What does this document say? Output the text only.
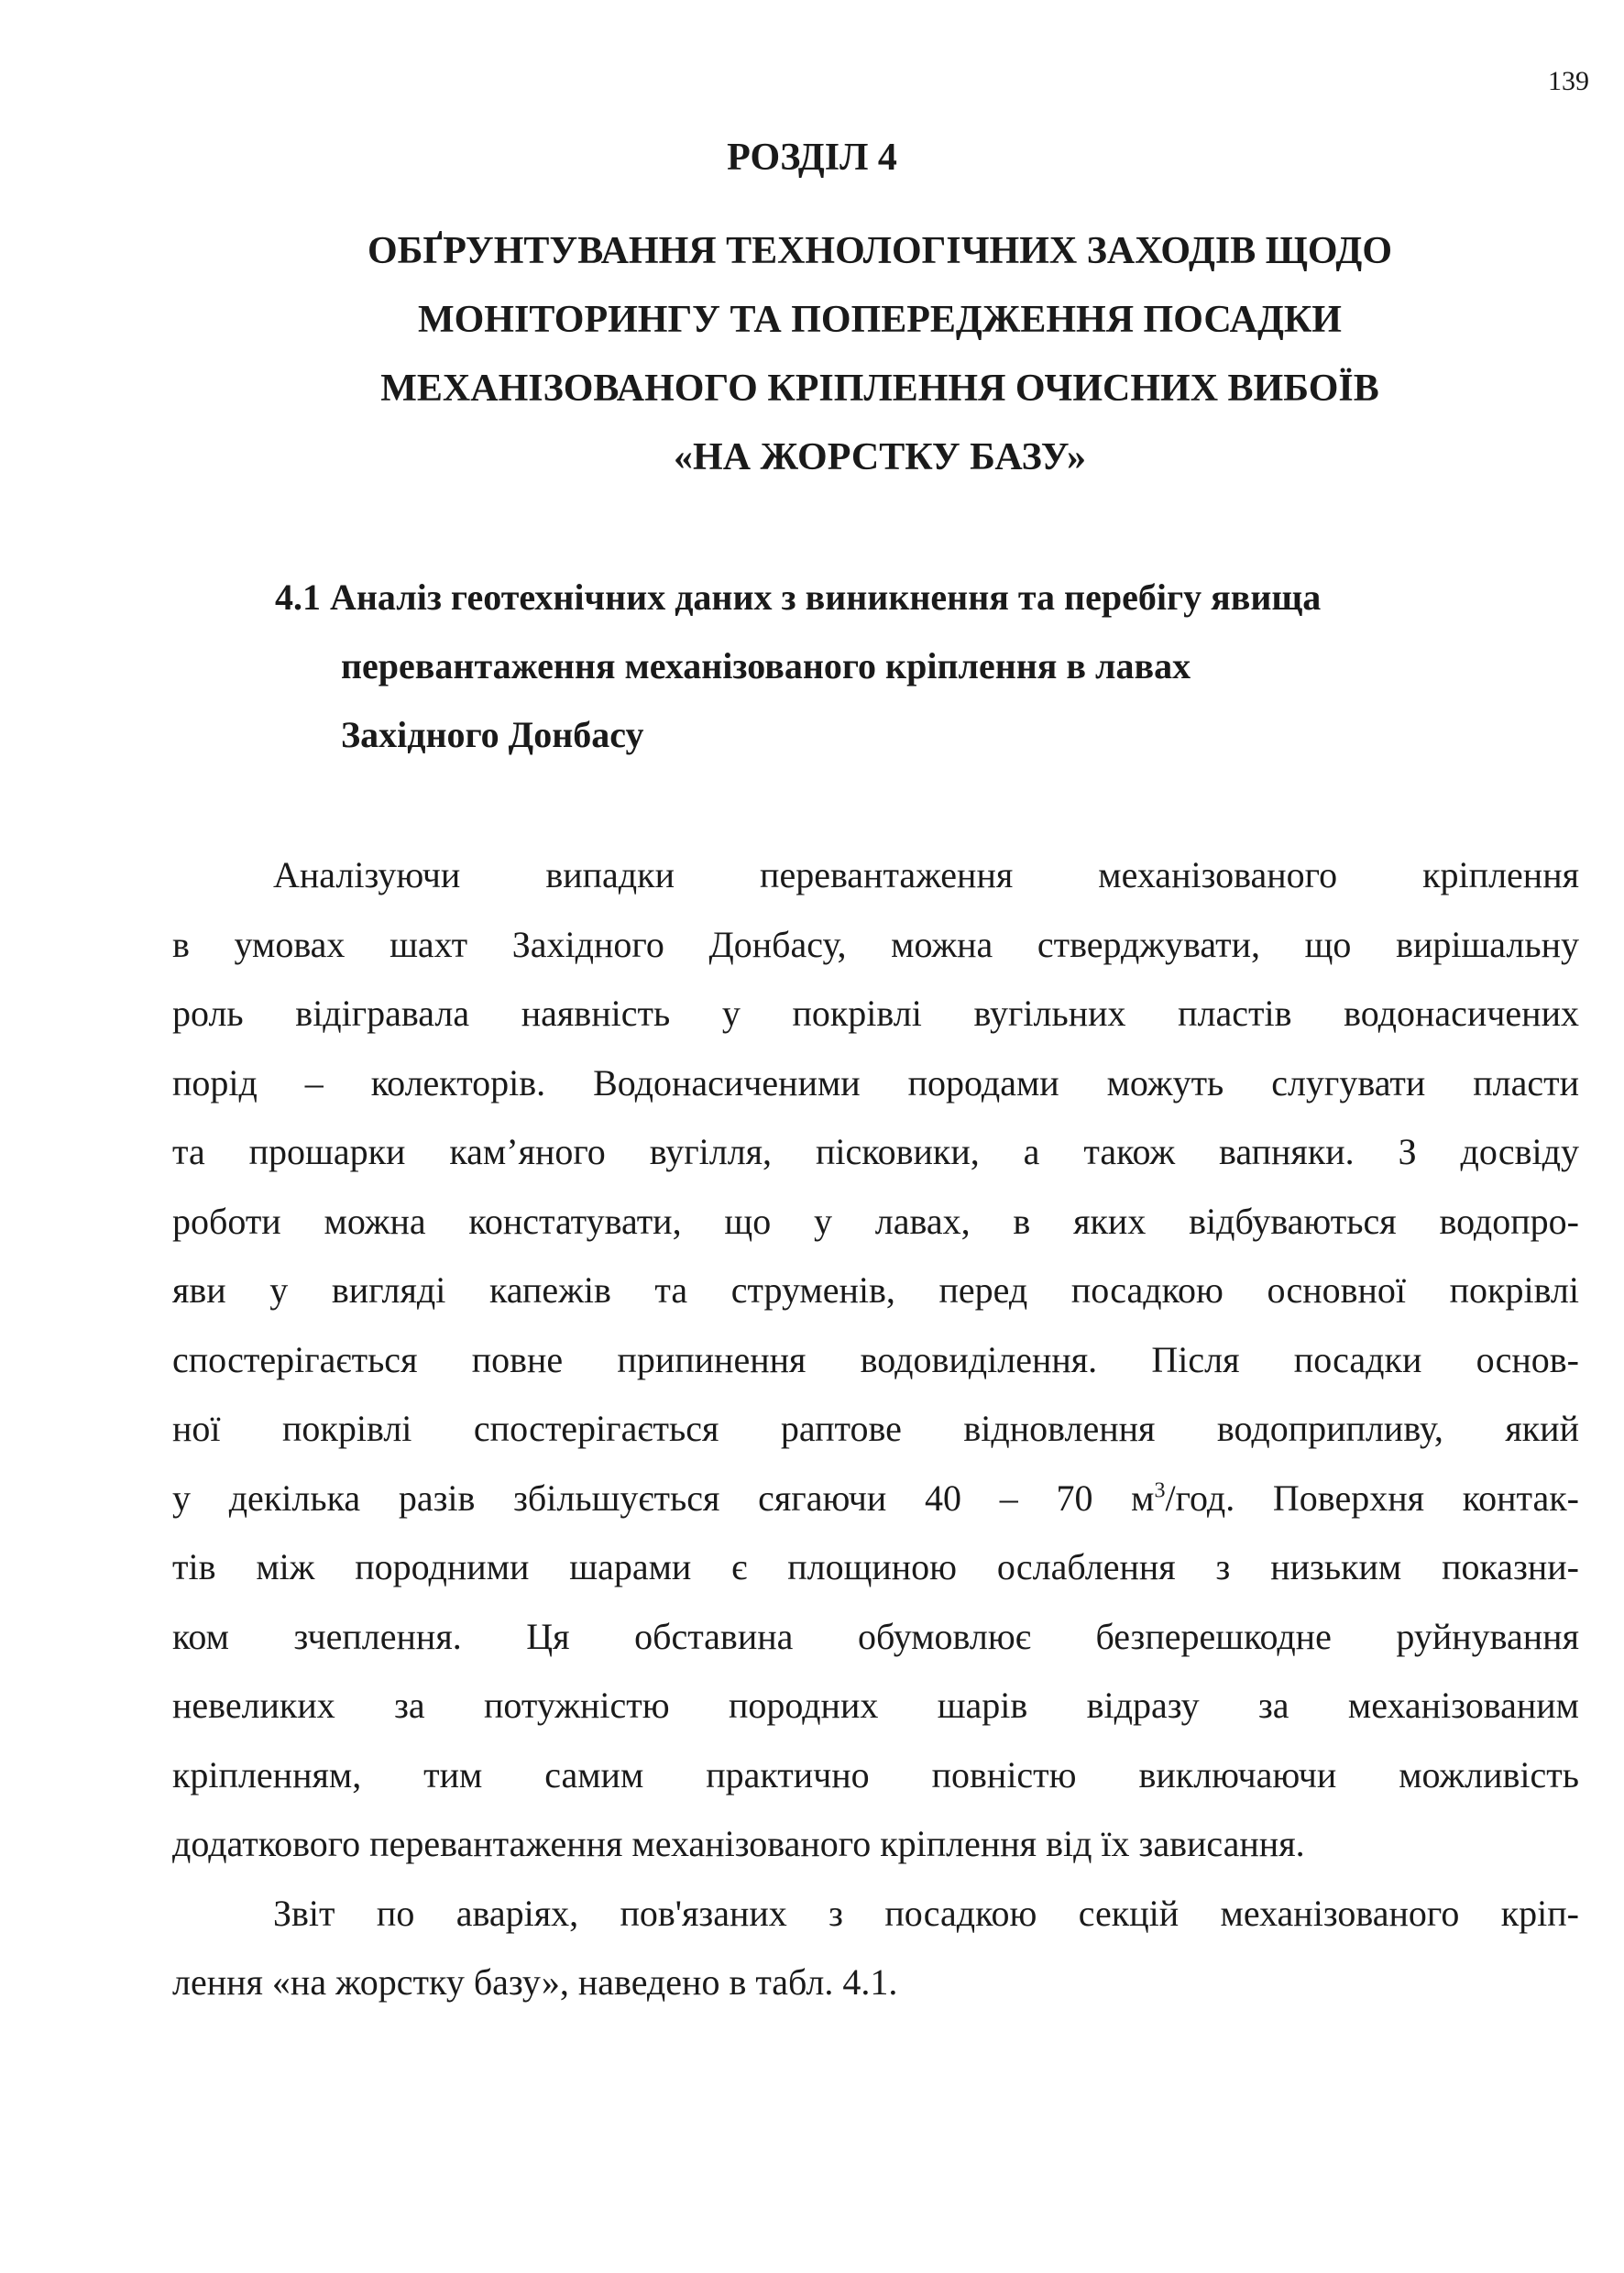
139
РОЗДІЛ 4
ОБҐРУНТУВАННЯ ТЕХНОЛОГІЧНИХ ЗАХОДІВ ЩОДО
МОНІТОРИНГУ ТА ПОПЕРЕДЖЕННЯ ПОСАДКИ
МЕХАНІЗОВАНОГО КРІПЛЕННЯ ОЧИСНИХ ВИБОЇВ
«НА ЖОРСТКУ БАЗУ»
4.1 Аналіз геотехнічних даних з виникнення та перебігу явища
перевантаження механізованого кріплення в лавах
Західного Донбасу
Аналізуючи випадки перевантаження механізованого кріплення
в умовах шахт Західного Донбасу, можна стверджувати, що вирішальну
роль відігравала наявність у покрівлі вугільних пластів водонасичених
порід – колекторів. Водонасиченими породами можуть слугувати пласти
та прошарки кам’яного вугілля, пісковики, а також вапняки. З досвіду
роботи можна констатувати, що у лавах, в яких відбуваються водопро-
яви у вигляді капежів та струменів, перед посадкою основної покрівлі
спостерігається повне припинення водовиділення. Після посадки основ-
ної покрівлі спостерігається раптове відновлення водоприпливу, який
у декілька разів збільшується сягаючи 40 – 70 $м^3$/год. Поверхня контак-
тів між породними шарами є площиною ослаблення з низьким показни-
ком зчеплення. Ця обставина обумовлює безперешкодне руйнування
невеликих за потужністю породних шарів відразу за механізованим
кріпленням, тим самим практично повністю виключаючи можливість
додаткового перевантаження механізованого кріплення від їх зависання.
Звіт по аваріях, пов'язаних з посадкою секцій механізованого кріп-
лення «на жорстку базу», наведено в табл. 4.1.
